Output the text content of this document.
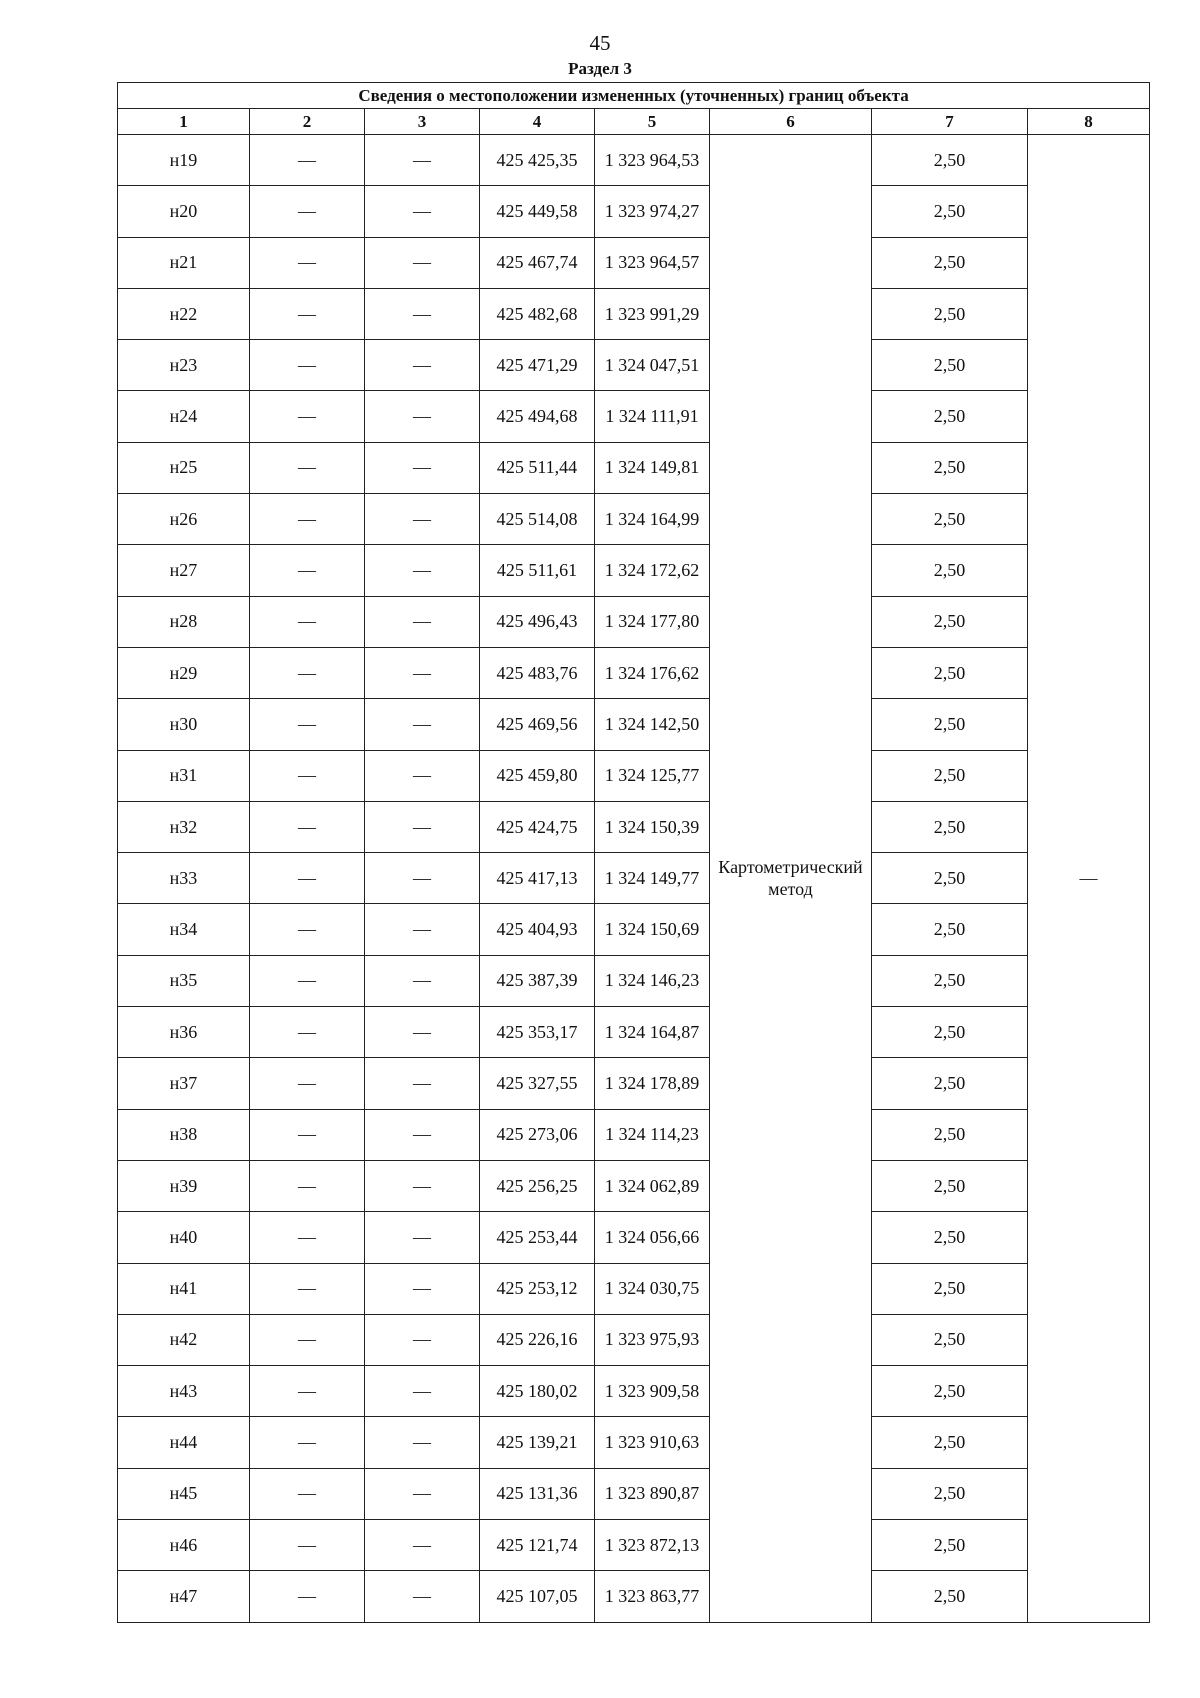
45
Раздел 3
Сведения о местоположении измененных (уточненных) границ объекта							
1	2	3	4	5	6	7	8
н19	—	—	425 425,35	1 323 964,53	Картометрический метод	2,50	—
н20	—	—	425 449,58	1 323 974,27		2,50	
н21	—	—	425 467,74	1 323 964,57		2,50	
н22	—	—	425 482,68	1 323 991,29		2,50	
н23	—	—	425 471,29	1 324 047,51		2,50	
н24	—	—	425 494,68	1 324 111,91		2,50	
н25	—	—	425 511,44	1 324 149,81		2,50	
н26	—	—	425 514,08	1 324 164,99		2,50	
н27	—	—	425 511,61	1 324 172,62		2,50	
н28	—	—	425 496,43	1 324 177,80		2,50	
н29	—	—	425 483,76	1 324 176,62		2,50	
н30	—	—	425 469,56	1 324 142,50		2,50	
н31	—	—	425 459,80	1 324 125,77		2,50	
н32	—	—	425 424,75	1 324 150,39		2,50	
н33	—	—	425 417,13	1 324 149,77		2,50	
н34	—	—	425 404,93	1 324 150,69		2,50	
н35	—	—	425 387,39	1 324 146,23		2,50	
н36	—	—	425 353,17	1 324 164,87		2,50	
н37	—	—	425 327,55	1 324 178,89		2,50	
н38	—	—	425 273,06	1 324 114,23		2,50	
н39	—	—	425 256,25	1 324 062,89		2,50	
н40	—	—	425 253,44	1 324 056,66		2,50	
н41	—	—	425 253,12	1 324 030,75		2,50	
н42	—	—	425 226,16	1 323 975,93		2,50	
н43	—	—	425 180,02	1 323 909,58		2,50	
н44	—	—	425 139,21	1 323 910,63		2,50	
н45	—	—	425 131,36	1 323 890,87		2,50	
н46	—	—	425 121,74	1 323 872,13		2,50	
н47	—	—	425 107,05	1 323 863,77		2,50	
